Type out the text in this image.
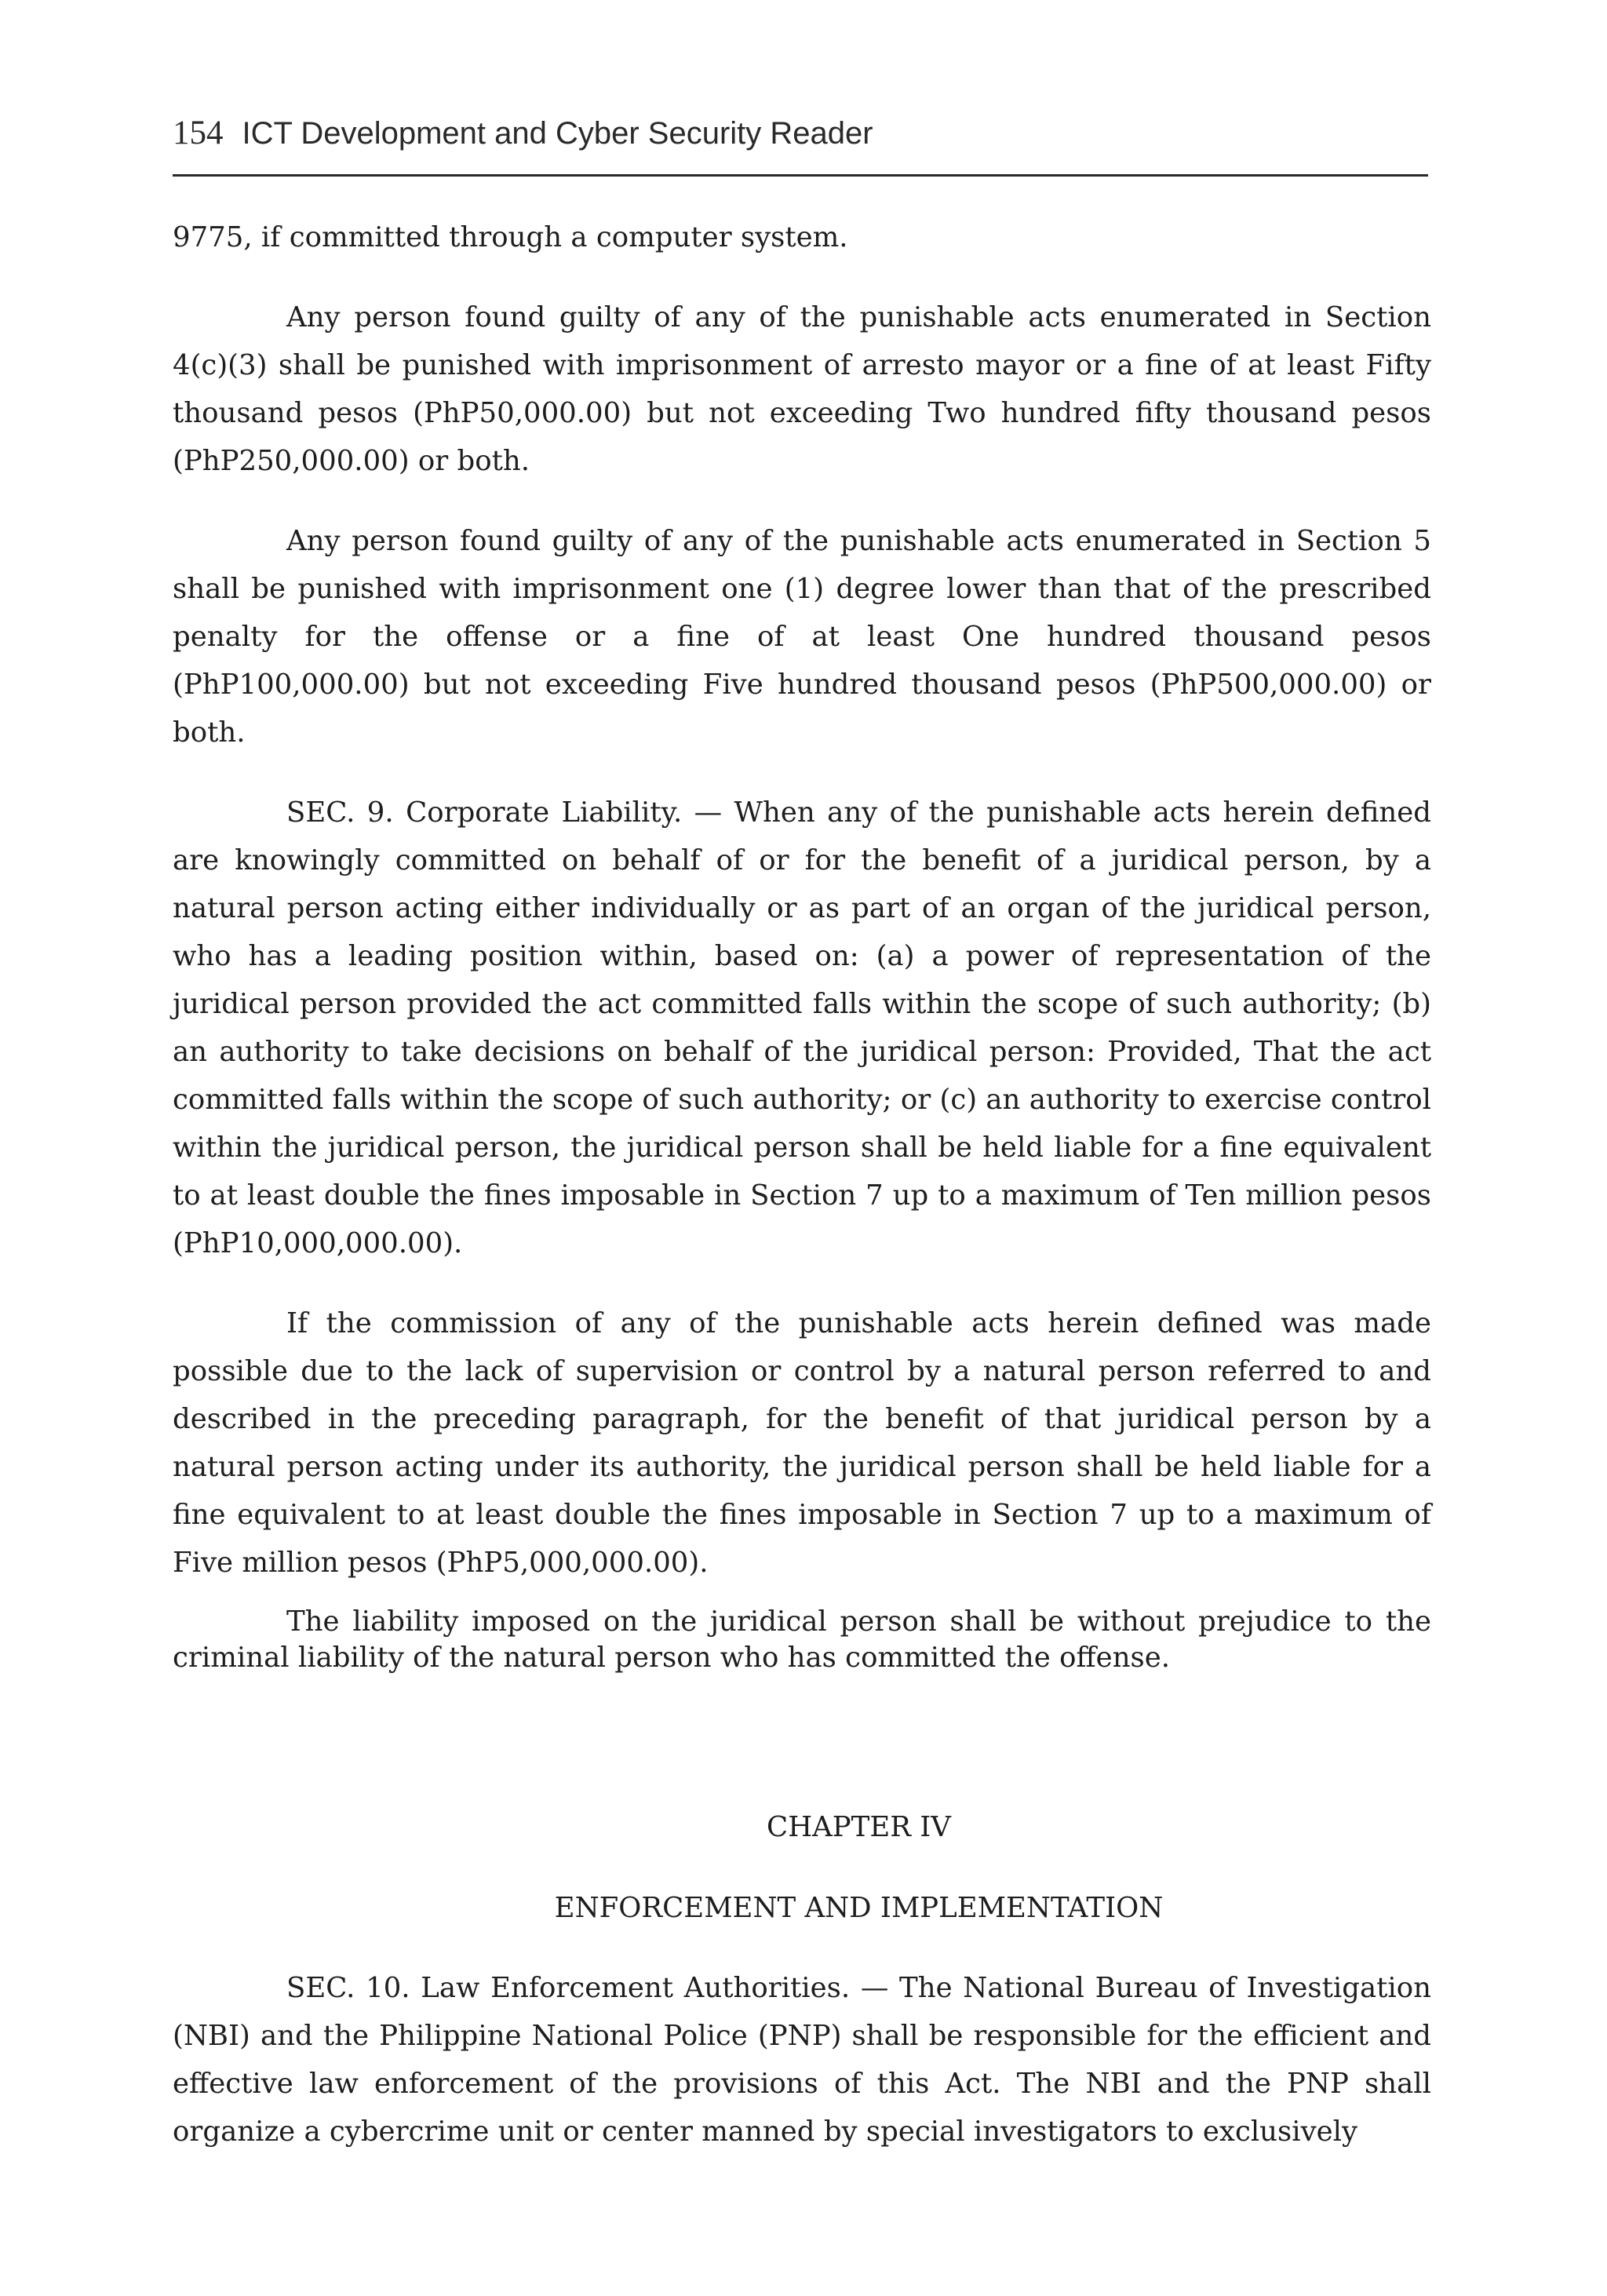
154 ICT Development and Cyber Security Reader

9775, if committed through a computer system.

Any person found guilty of any of the punishable acts enumerated in Section 4(c)(3) shall be punished with imprisonment of arresto mayor or a fine of at least Fifty thousand pesos (PhP50,000.00) but not exceeding Two hundred fifty thousand pesos (PhP250,000.00) or both.

Any person found guilty of any of the punishable acts enumerated in Section 5 shall be punished with imprisonment one (1) degree lower than that of the prescribed penalty for the offense or a fine of at least One hundred thousand pesos (PhP100,000.00) but not exceeding Five hundred thousand pesos (PhP500,000.00) or both.

SEC. 9. Corporate Liability. — When any of the punishable acts herein defined are knowingly committed on behalf of or for the benefit of a juridical person, by a natural person acting either individually or as part of an organ of the juridical person, who has a leading position within, based on: (a) a power of representation of the juridical person provided the act committed falls within the scope of such authority; (b) an authority to take decisions on behalf of the juridical person: Provided, That the act committed falls within the scope of such authority; or (c) an authority to exercise control within the juridical person, the juridical person shall be held liable for a fine equivalent to at least double the fines imposable in Section 7 up to a maximum of Ten million pesos (PhP10,000,000.00).

If the commission of any of the punishable acts herein defined was made possible due to the lack of supervision or control by a natural person referred to and described in the preceding paragraph, for the benefit of that juridical person by a natural person acting under its authority, the juridical person shall be held liable for a fine equivalent to at least double the fines imposable in Section 7 up to a maximum of Five million pesos (PhP5,000,000.00).

The liability imposed on the juridical person shall be without prejudice to the criminal liability of the natural person who has committed the offense.

CHAPTER IV

ENFORCEMENT AND IMPLEMENTATION

SEC. 10. Law Enforcement Authorities. — The National Bureau of Investigation (NBI) and the Philippine National Police (PNP) shall be responsible for the efficient and effective law enforcement of the provisions of this Act. The NBI and the PNP shall organize a cybercrime unit or center manned by special investigators to exclusively
